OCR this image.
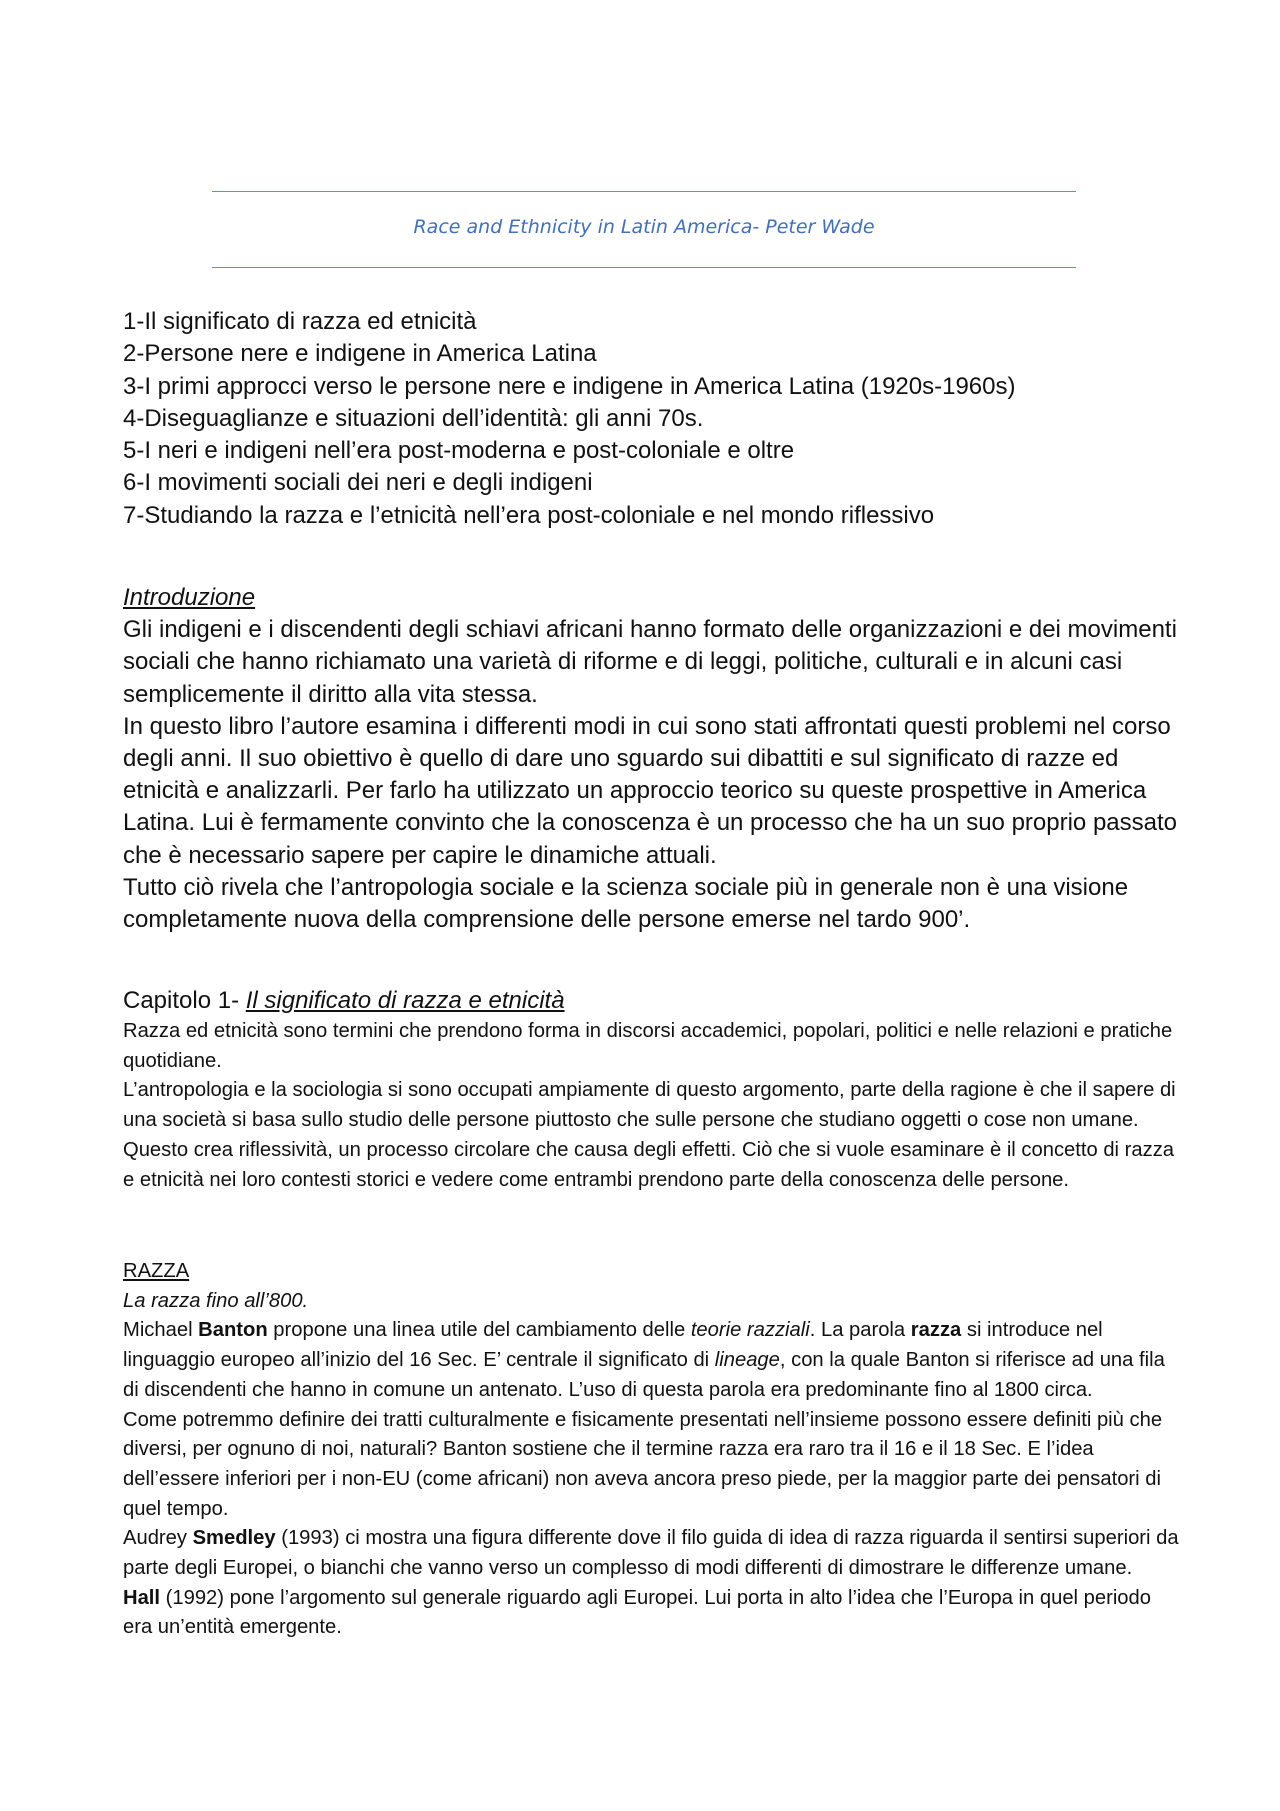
Race and Ethnicity in Latin America- Peter Wade
1-Il significato di razza ed etnicità
2-Persone nere e indigene in America Latina
3-I primi approcci verso le persone nere e indigene in America Latina (1920s-1960s)
4-Diseguaglianze e situazioni dell’identità: gli anni 70s.
5-I neri e indigeni nell’era post-moderna e post-coloniale e oltre
6-I movimenti sociali dei neri e degli indigeni
7-Studiando la razza e l’etnicità nell’era post-coloniale e nel mondo riflessivo

Introduzione

Gli indigeni e i discendenti degli schiavi africani hanno formato delle organizzazioni e dei movimenti sociali che hanno richiamato una varietà di riforme e di leggi, politiche, culturali e in alcuni casi semplicemente il diritto alla vita stessa.

In questo libro l’autore esamina i differenti modi in cui sono stati affrontati questi problemi nel corso degli anni. Il suo obiettivo è quello di dare uno sguardo sui dibattiti e sul significato di razze ed etnicità e analizzarli. Per farlo ha utilizzato un approccio teorico su queste prospettive in America Latina. Lui è fermamente convinto che la conoscenza è un processo che ha un suo proprio passato che è necessario sapere per capire le dinamiche attuali.

Tutto ciò rivela che l’antropologia sociale e la scienza sociale più in generale non è una visione completamente nuova della comprensione delle persone emerse nel tardo 900’.

Capitolo 1- Il significato di razza e etnicità

Razza ed etnicità sono termini che prendono forma in discorsi accademici, popolari, politici e nelle relazioni e pratiche quotidiane.

L’antropologia e la sociologia si sono occupati ampiamente di questo argomento, parte della ragione è che il sapere di una società si basa sullo studio delle persone piuttosto che sulle persone che studiano oggetti o cose non umane. Questo crea riflessività, un processo circolare che causa degli effetti. Ciò che si vuole esaminare è il concetto di razza e etnicità nei loro contesti storici e vedere come entrambi prendono parte della conoscenza delle persone.

RAZZA

La razza fino all’800.

Michael Banton propone una linea utile del cambiamento delle teorie razziali. La parola razza si introduce nel linguaggio europeo all’inizio del 16 Sec. E’ centrale il significato di lineage, con la quale Banton si riferisce ad una fila di discendenti che hanno in comune un antenato. L’uso di questa parola era predominante fino al 1800 circa.

Come potremmo definire dei tratti culturalmente e fisicamente presentati nell’insieme possono essere definiti più che diversi, per ognuno di noi, naturali? Banton sostiene che il termine razza era raro tra il 16 e il 18 Sec. E l’idea dell’essere inferiori per i non-EU (come africani) non aveva ancora preso piede, per la maggior parte dei pensatori di quel tempo.

Audrey Smedley (1993) ci mostra una figura differente dove il filo guida di idea di razza riguarda il sentirsi superiori da parte degli Europei, o bianchi che vanno verso un complesso di modi differenti di dimostrare le differenze umane.

Hall (1992) pone l’argomento sul generale riguardo agli Europei. Lui porta in alto l’idea che l’Europa in quel periodo era un’entità emergente.
